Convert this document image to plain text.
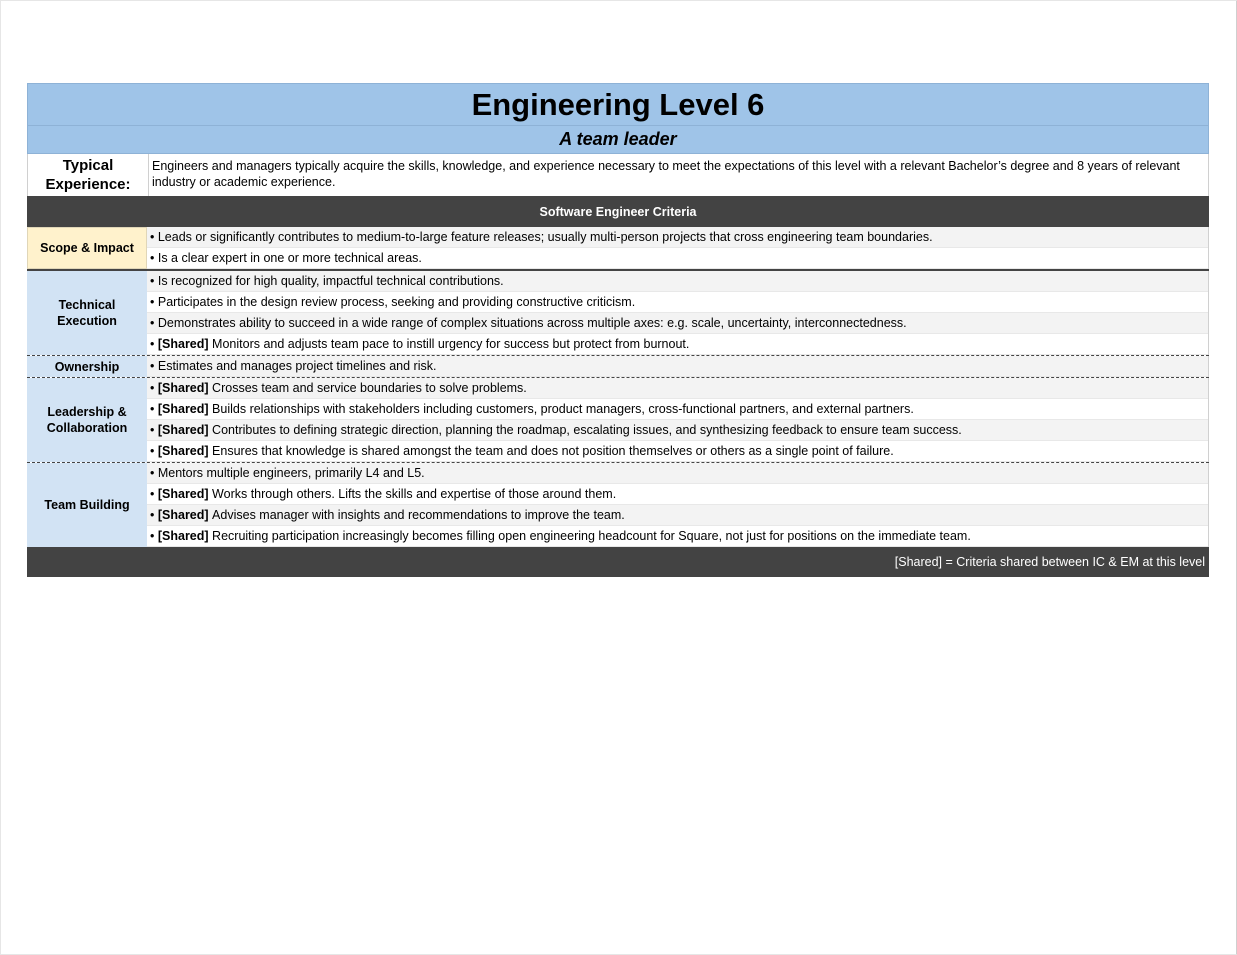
Engineering Level 6
A team leader
Typical Experience:
Engineers and managers typically acquire the skills, knowledge, and experience necessary to meet the expectations of this level with a relevant Bachelor’s degree and 8 years of relevant industry or academic experience.
Software Engineer Criteria
Scope & Impact
• Leads or significantly contributes to medium-to-large feature releases; usually multi-person projects that cross engineering team boundaries.
• Is a clear expert in one or more technical areas.
Technical Execution
• Is recognized for high quality, impactful technical contributions.
• Participates in the design review process, seeking and providing constructive criticism.
• Demonstrates ability to succeed in a wide range of complex situations across multiple axes: e.g. scale, uncertainty, interconnectedness.
• [Shared]
Monitors and adjusts team pace to instill urgency for success but protect from burnout.
Ownership	• Estimates and manages project timelines and risk.
Leadership & Collaboration
• [Shared]
Crosses team and service boundaries to solve problems.
• [Shared]
Builds relationships with stakeholders including customers, product managers, cross-functional partners, and external partners.
• [Shared]
Contributes to defining strategic direction, planning the roadmap, escalating issues, and synthesizing feedback to ensure team success.
• [Shared]
Ensures that knowledge is shared amongst the team and does not position themselves or others as a single point of failure.
Team Building
• Mentors multiple engineers, primarily L4 and L5.
• [Shared]
Works through others. Lifts the skills and expertise of those around them.
• [Shared]
Advises manager with insights and recommendations to improve the team.
• [Shared]
Recruiting participation increasingly becomes filling open engineering headcount for Square, not just for positions on the immediate team.
[Shared] = Criteria shared between IC & EM at this level
